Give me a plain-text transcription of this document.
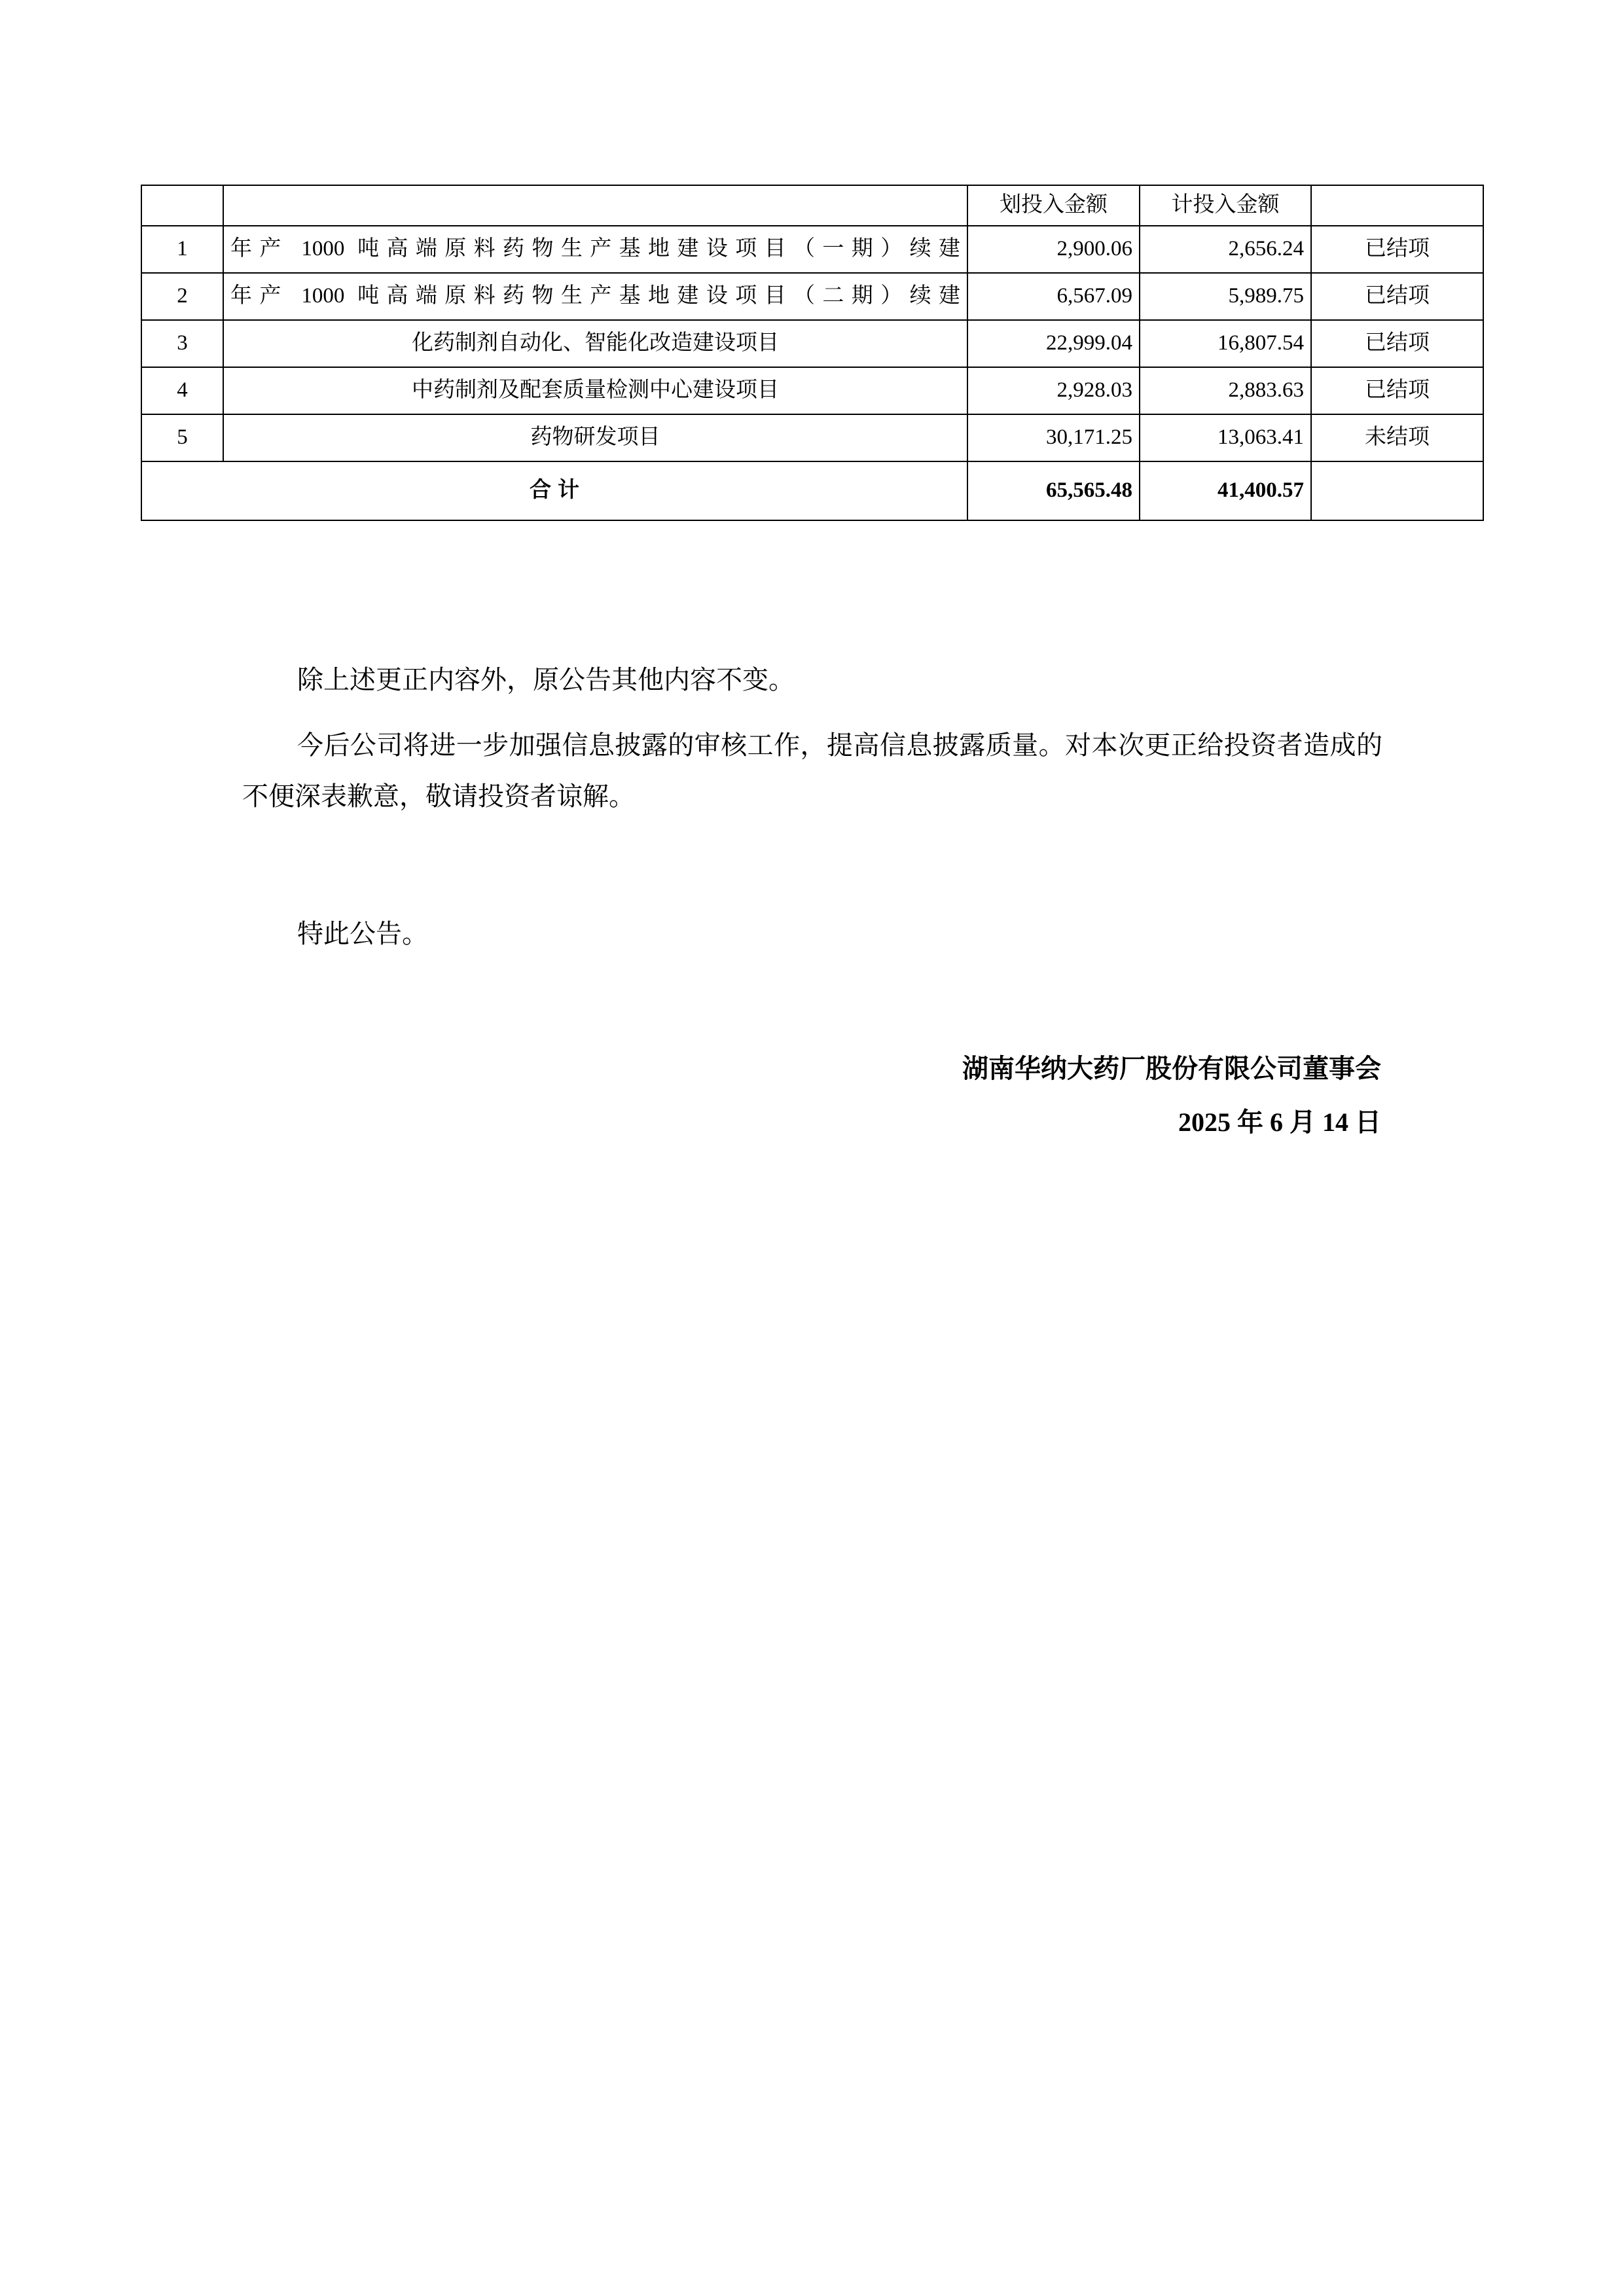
		划投入金额	计投入金额	
1	年产 1000 吨高端原料药物生产基地建设项目（一期）续建	2,900.06	2,656.24	已结项
2	年产 1000 吨高端原料药物生产基地建设项目（二期）续建	6,567.09	5,989.75	已结项
3	化药制剂自动化、智能化改造建设项目	22,999.04	16,807.54	已结项
4	中药制剂及配套质量检测中心建设项目	2,928.03	2,883.63	已结项
5	药物研发项目	30,171.25	13,063.41	未结项
合计		65,565.48	41,400.57	

除上述更正内容外，原公告其他内容不变。

今后公司将进一步加强信息披露的审核工作，提高信息披露质量。对本次更正给投资者造成的不便深表歉意，敬请投资者谅解。

特此公告。
湖南华纳大药厂股份有限公司董事会
2025 年 6 月 14 日
